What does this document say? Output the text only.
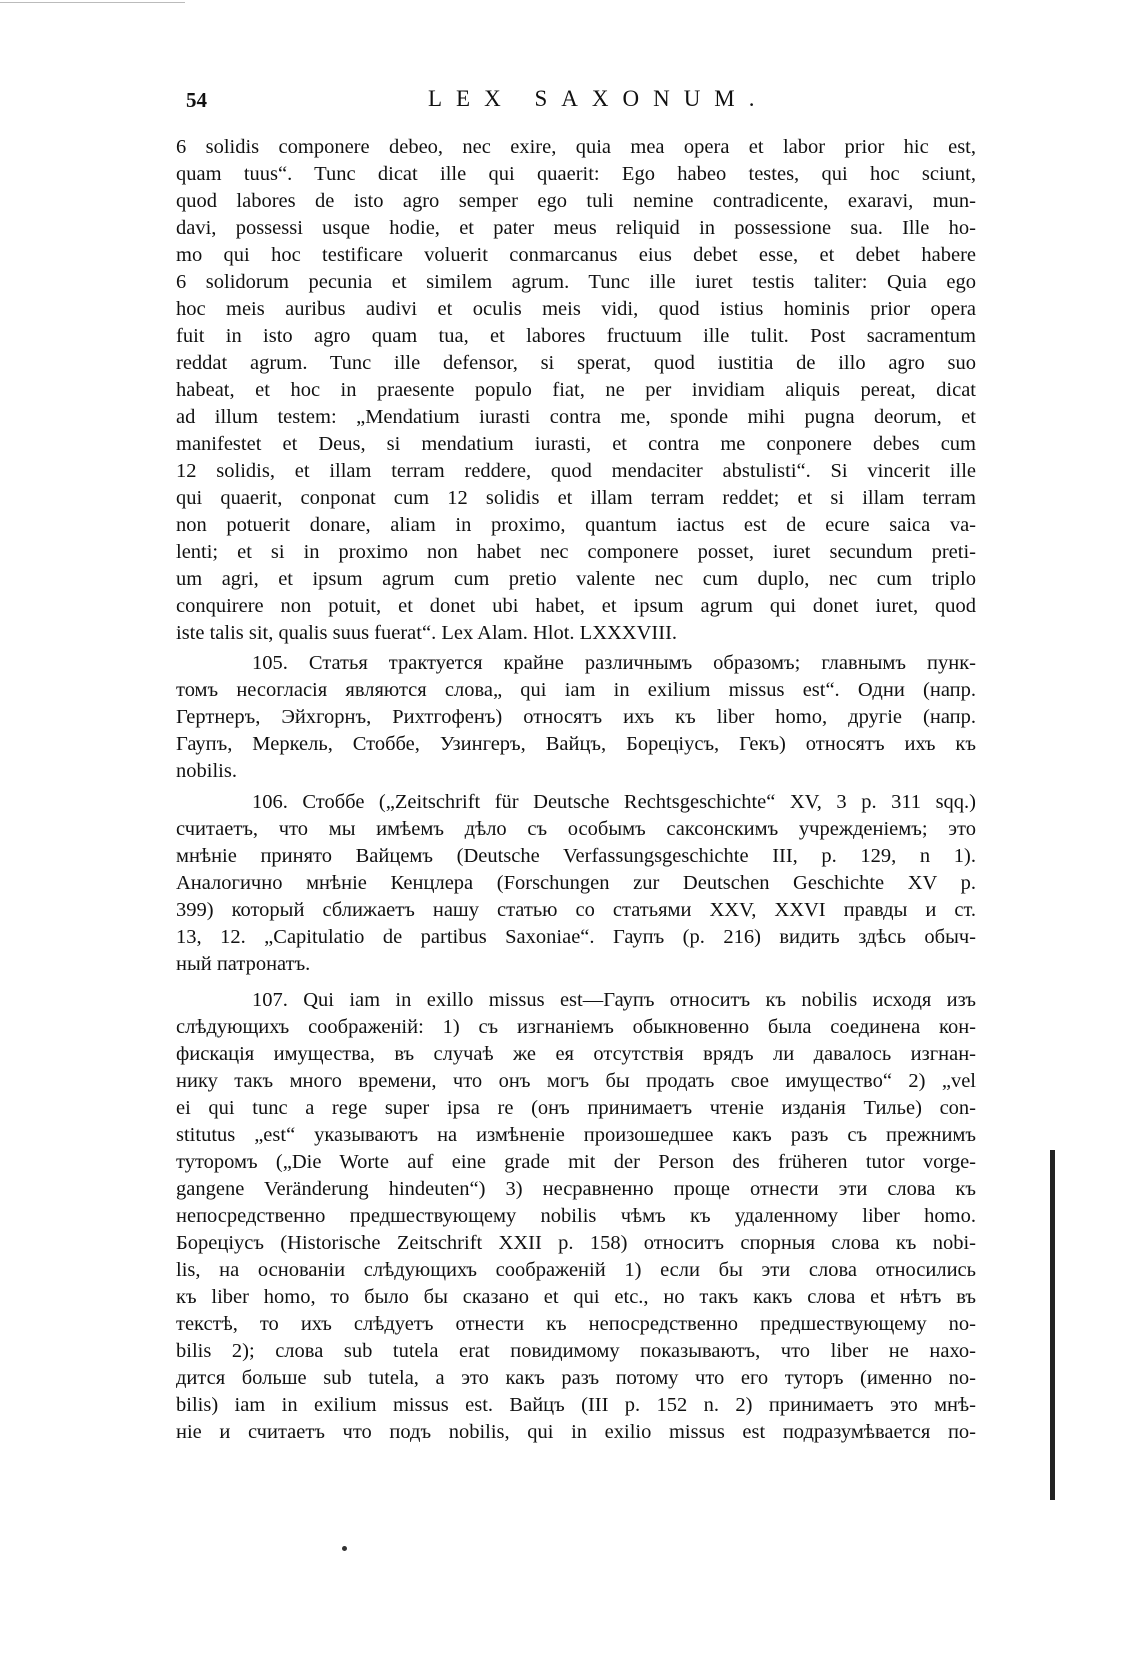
54	LEX SAXONUM.
6 solidis componere debeo, nec exire, quia mea opera et labor prior hic est,
quam tuus“. Tunc dicat ille qui quaerit: Ego habeo testes, qui hoc sciunt,
quod labores de isto agro semper ego tuli nemine contradicente, exaravi, mun-
davi, possessi usque hodie, et pater meus reliquid in possessione sua. Ille ho-
mo qui hoc testificare voluerit conmarcanus eius debet esse, et debet habere
6 solidorum pecunia et similem agrum. Tunc ille iuret testis taliter: Quia ego
hoc meis auribus audivi et oculis meis vidi, quod istius hominis prior opera
fuit in isto agro quam tua, et labores fructuum ille tulit. Post sacramentum
reddat agrum. Tunc ille defensor, si sperat, quod iustitia de illo agro suo
habeat, et hoc in praesente populo fiat, ne per invidiam aliquis pereat, dicat
ad illum testem: „Mendatium iurasti contra me, sponde mihi pugna deorum, et
manifestet et Deus, si mendatium iurasti, et contra me conponere debes cum
12 solidis, et illam terram reddere, quod mendaciter abstulisti“. Si vincerit ille
qui quaerit, conponat cum 12 solidis et illam terram reddet; et si illam terram
non potuerit donare, aliam in proximo, quantum iactus est de ecure saica va-
lenti; et si in proximo non habet nec componere posset, iuret secundum preti-
um agri, et ipsum agrum cum pretio valente nec cum duplo, nec cum triplo
conquirere non potuit, et donet ubi habet, et ipsum agrum qui donet iuret, quod
iste talis sit, qualis suus fuerat“. Lex Alam. Hlot. LXXXVIII.
105. Статья трактуется крайне различнымъ образомъ; главнымъ пунк-
томъ несогласія являются слова„ qui iam in exilium missus est“. Одни (напр.
Гертнеръ, Эйхгорнъ, Рихтгофенъ) относятъ ихъ къ liber homo, другіе (напр.
Гаупъ, Меркель, Стоббе, Узингеръ, Вайцъ, Борецiусъ, Гекъ) относятъ ихъ къ
nobilis.
106. Стоббе („Zeitschrift für Deutsche Rechtsgeschichte“ XV, 3 p. 311 sqq.)
считаетъ, что мы имѣемъ дѣло съ особымъ саксонскимъ учрежденiемъ; это
мнѣнiе принято Вайцемъ (Deutsche Verfassungsgeschichte III, p. 129, n 1).
Аналогично мнѣнiе Кенцлера (Forschungen zur Deutschen Geschichte XV p.
399) который сближаетъ нашу статью со статьями XXV, XXVI правды и ст.
13, 12. „Capitulatio de partibus Saxoniae“. Гаупъ (p. 216) видить здѣсь обыч-
ный патронатъ.
107. Qui iam in exillo missus est—Гаупъ относитъ къ nobilis исходя изъ
слѣдующихъ соображенiй: 1) съ изгнанiемъ обыкновенно была соединена кон-
фискацiя имущества, въ случаѣ же ея отсутствiя врядъ ли давалось изгнан-
нику такъ много времени, что онъ могъ бы продать свое имущество“ 2) „vel
ei qui tunc a rege super ipsa re (онъ принимаетъ чтенiе изданiя Тилье) con-
stitutus „est“ указываютъ на измѣненiе произошедшее какъ разъ съ прежнимъ
туторомъ („Die Worte auf eine grade mit der Person des früheren tutor vorge-
gangene Veränderung hindeuten“) 3) несравненно проще отнести эти слова къ
непосредственно предшествующему nobilis чѣмъ къ удаленному liber homo.
Борецiусъ (Historische Zeitschrift XXII p. 158) относитъ спорныя слова къ nobi-
lis, на основанiи слѣдующихъ соображенiй 1) если бы эти слова относились
къ liber homo, то было бы сказано et qui etc., но такъ какъ слова et нѣтъ въ
текстѣ, то ихъ слѣдуетъ отнести къ непосредственно предшествующему no-
bilis 2); слова sub tutela erat повидимому показываютъ, что liber не нахо-
дится больше sub tutela, а это какъ разъ потому что его туторъ (именно no-
bilis) iam in exilium missus est. Вайцъ (III p. 152 n. 2) принимаетъ это мнѣ-
нiе и считаетъ что подъ nobilis, qui in exilio missus est подразумѣвается по-
